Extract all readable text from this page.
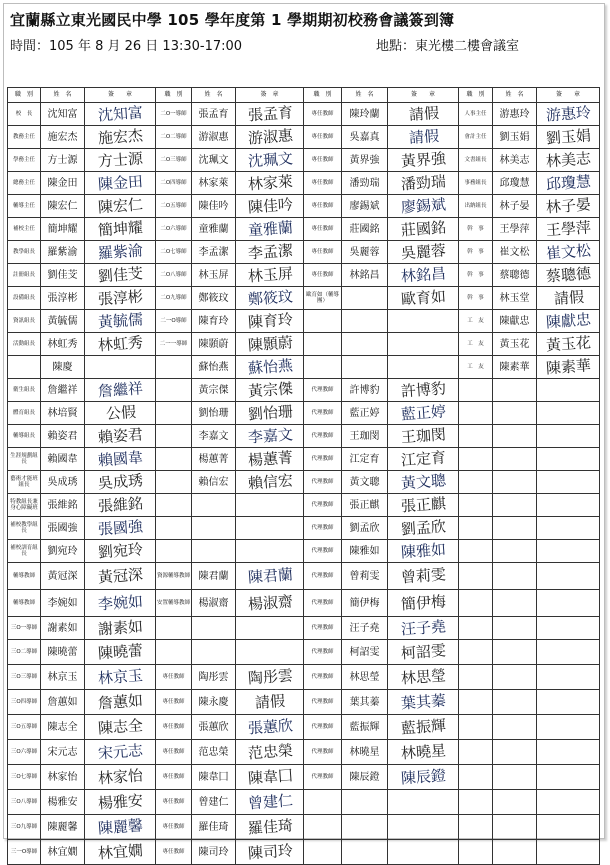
宜蘭縣立東光國民中學 105 學年度第 1 學期期初校務會議簽到簿
時間：105 年 8 月 26 日 13:30-17:00	地點：東光樓二樓會議室
職　別	姓　名	簽　　章	職　別	姓　名	簽　章	職　別	姓　名	簽　　章	職　別	姓　名	簽　　章
校　長	沈知富	沈知富	二O一導師	張孟育	張孟育	專任教師	陳玲蘭	請假	人事主任	游惠玲	游惠玲
教務主任	施宏杰	施宏杰	二O二導師	游淑惠	游淑惠	專任教師	吳嘉真	請假	會計主任	劉玉娟	劉玉娟
學務主任	方士源	方士源	二O三導師	沈珮文	沈珮文	專任教師	黃界強	黃界強	文書組長	林美志	林美志
總務主任	陳金田	陳金田	二O四導師	林家萊	林家萊	專任教師	潘勁瑞	潘勁瑞	事務組長	邱瓊慧	邱瓊慧
輔導主任	陳宏仁	陳宏仁	二O五導師	陳佳吟	陳佳吟	專任教師	廖錫斌	廖錫斌	出納組長	林子晏	林子晏
補校主任	簡坤耀	簡坤耀	二O六導師	童雅蘭	童雅蘭	專任教師	莊國銘	莊國銘	幹　事	王學萍	王學萍
教學組長	羅紫渝	羅紫渝	二O七導師	李孟潔	李孟潔	專任教師	吳麗蓉	吳麗蓉	幹　事	崔文松	崔文松
註冊組長	劉佳芠	劉佳芠	二O八導師	林玉屏	林玉屏	專任教師	林銘昌	林銘昌	幹　事	蔡聰德	蔡聰德
設備組長	張淳彬	張淳彬	二O九導師	鄭筱玟	鄭筱玟	歐育如（輔導團）		歐育如	幹　事	林玉堂	請假
資訊組長	黃毓儒	黃毓儒	二一O導師	陳育玲	陳育玲				工　友	陳獻忠	陳獻忠
活動組長	林虹秀	林虹秀	二一一導師	陳顥蔚	陳顥蔚				工　友	黃玉花	黃玉花
	陳慶			蘇怡燕	蘇怡燕				工　友	陳素華	陳素華
衛生組長	詹繼祥	詹繼祥		黃宗傑	黃宗傑	代理教師	許博豹	許博豹			
體育組長	林培賢	公假		劉怡珊	劉怡珊	代理教師	藍正婷	藍正婷			
輔導組長	賴姿君	賴姿君		李嘉文	李嘉文	代理教師	王珈閔	王珈閔			
生涯規劃組長	賴國韋	賴國韋		楊蕙菁	楊蕙菁	代理教師	江定育	江定育			
藝術才能班組長	吳成琇	吳成琇		賴信宏	賴信宏	代理教師	黃文聰	黃文聰			
特教組長兼身心障礙班	張維銘	張維銘				代理教師	張正麒	張正麒			
補校教學組長	張國強	張國強				代理教師	劉孟欣	劉孟欣			
補校訓育組長	劉宛玲	劉宛玲				代理教師	陳雅如	陳雅如			
輔導教師	黃冠深	黃冠深	資源輔導教師	陳君蘭	陳君蘭	代理教師	曾莉雯	曾莉雯			
輔導教師	李婉如	李婉如	安置輔導教師	楊淑齋	楊淑齋	代理教師	簡伊梅	簡伊梅			
三O一導師	謝素如	謝素如				代理教師	汪子堯	汪子堯			
三O二導師	陳曉蕾	陳曉蕾				代理教師	柯詔雯	柯詔雯			
三O三導師	林京玉	林京玉	專任教師	陶彤雲	陶彤雲	代理教師	林思瑩	林思瑩			
三O四導師	詹蕙如	詹蕙如	專任教師	陳永慶	請假	代理教師	葉其蓁	葉其蓁			
三O五導師	陳志全	陳志全	專任教師	張蕙欣	張蕙欣	代理教師	藍振輝	藍振輝			
三O六導師	宋元志	宋元志	專任教師	范忠榮	范忠榮	代理教師	林曉星	林曉星			
三O七導師	林家怡	林家怡	專任教師	陳韋囗	陳韋囗	代理教師	陳辰鐙	陳辰鐙			
三O八導師	楊雅安	楊雅安	專任教師	曾建仁	曾建仁						
三O九導師	陳麗馨	陳麗馨	專任教師	羅佳琦	羅佳琦						
三一O導師	林宜嫺	林宜嫺	專任教師	陳司玲	陳司玲						
